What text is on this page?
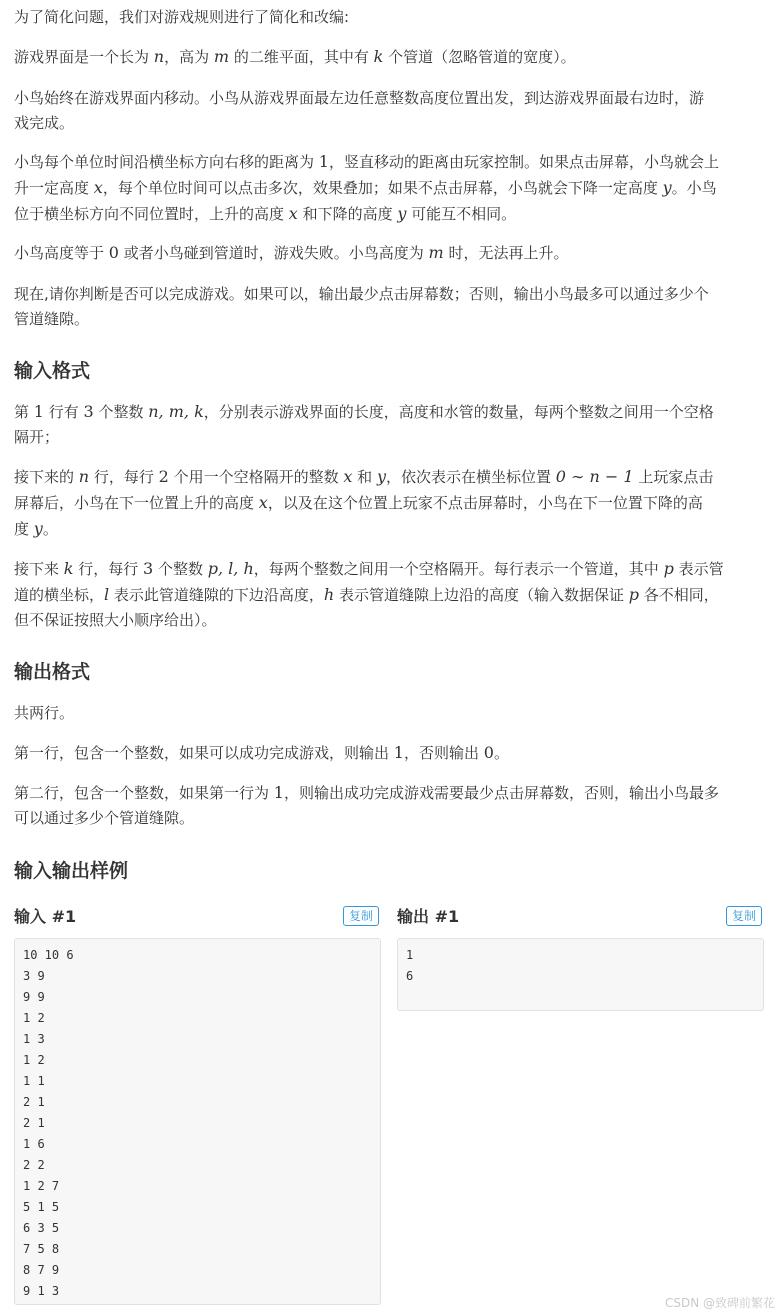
为了简化问题，我们对游戏规则进行了简化和改编:

游戏界面是一个长为 n，高为 m 的二维平面，其中有 k 个管道（忽略管道的宽度）。

小鸟始终在游戏界面内移动。小鸟从游戏界面最左边任意整数高度位置出发，到达游戏界面最右边时，游
戏完成。
小鸟每个单位时间沿横坐标方向右移的距离为 1，竖直移动的距离由玩家控制。如果点击屏幕，小鸟就会上
升一定高度 x，每个单位时间可以点击多次，效果叠加；如果不点击屏幕，小鸟就会下降一定高度 y。小鸟
位于横坐标方向不同位置时，上升的高度 x 和下降的高度 y 可能互不相同。

小鸟高度等于 0 或者小鸟碰到管道时，游戏失败。小鸟高度为 m 时，无法再上升。

现在,请你判断是否可以完成游戏。如果可以，输出最少点击屏幕数；否则，输出小鸟最多可以通过多少个
管道缝隙。
输入格式
第 1 行有 3 个整数 n, m, k，分别表示游戏界面的长度，高度和水管的数量，每两个整数之间用一个空格
隔开；
接下来的 n 行，每行 2 个用一个空格隔开的整数 x 和 y，依次表示在横坐标位置 0 ∼ n − 1 上玩家点击
屏幕后，小鸟在下一位置上升的高度 x，以及在这个位置上玩家不点击屏幕时，小鸟在下一位置下降的高
度 y。
接下来 k 行，每行 3 个整数 p, l, h，每两个整数之间用一个空格隔开。每行表示一个管道，其中 p 表示管
道的横坐标，l 表示此管道缝隙的下边沿高度，h 表示管道缝隙上边沿的高度（输入数据保证 p 各不相同，
但不保证按照大小顺序给出）。
输出格式

共两行。

第一行，包含一个整数，如果可以成功完成游戏，则输出 1，否则输出 0。

第二行，包含一个整数，如果第一行为 1，则输出成功完成游戏需要最少点击屏幕数，否则，输出小鸟最多
可以通过多少个管道缝隙。
输入输出样例
输入 #1	复制
10 10 6
3 9
9 9
1 2
1 3
1 2
1 1
2 1
2 1
1 6
2 2
1 2 7
5 1 5
6 3 5
7 5 8
8 7 9
9 1 3
输出 #1	复制
1
6
CSDN @致碑前繁花
